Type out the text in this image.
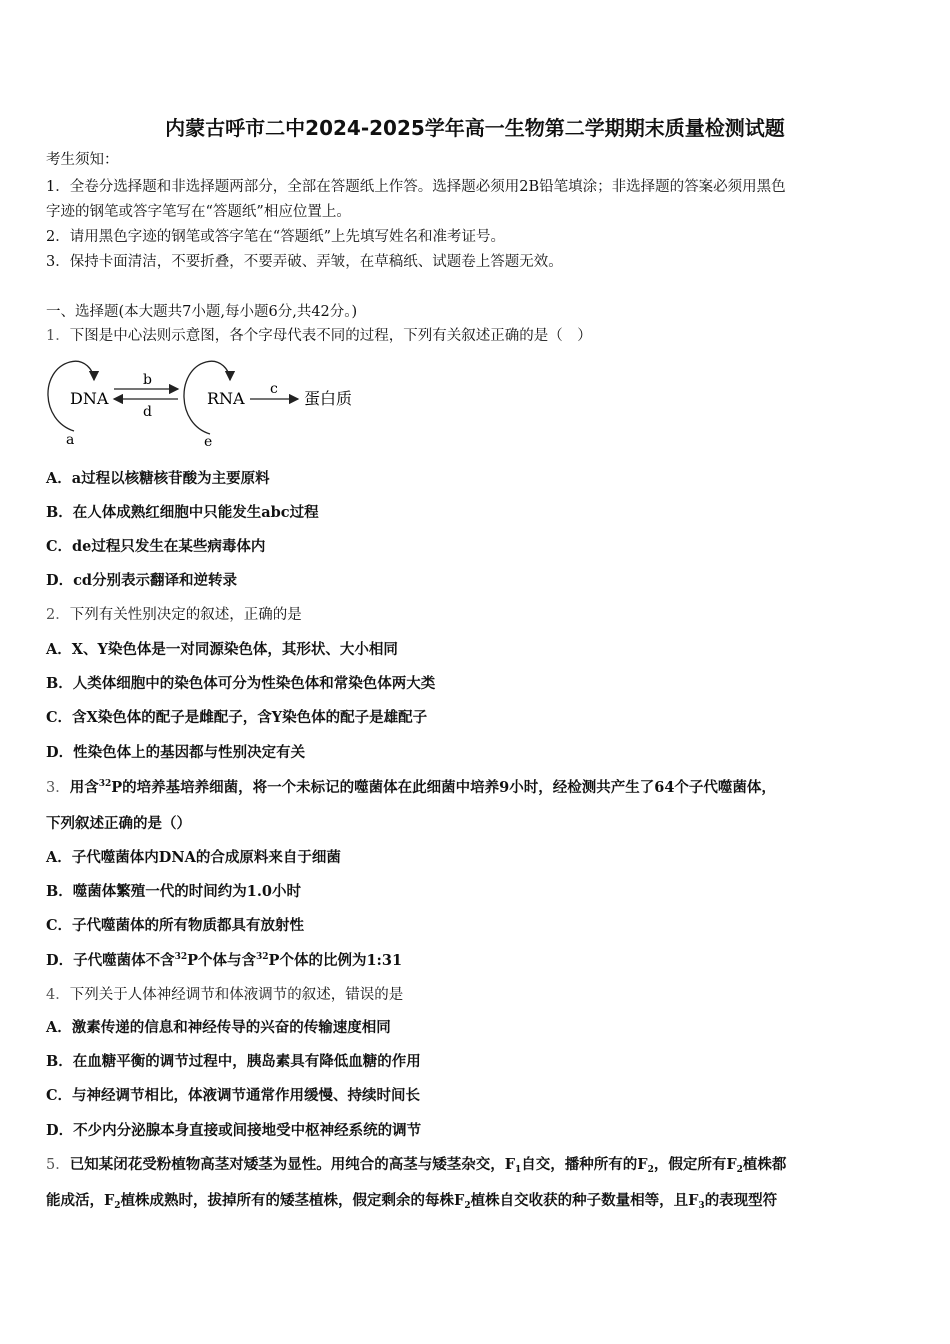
内蒙古呼市二中2024-2025学年高一生物第二学期期末质量检测试题
考生须知：
1．全卷分选择题和非选择题两部分，全部在答题纸上作答。选择题必须用2B铅笔填涂；非选择题的答案必须用黑色
字迹的钢笔或答字笔写在“答题纸”相应位置上。
2．请用黑色字迹的钢笔或答字笔在“答题纸”上先填写姓名和准考证号。
3．保持卡面清洁，不要折叠，不要弄破、弄皱，在草稿纸、试题卷上答题无效。
一、选择题(本大题共7小题,每小题6分,共42分。)
1．下图是中心法则示意图，各个字母代表不同的过程，下列有关叙述正确的是（　）
DNA
a
b
d
RNA
e
c 蛋白质
A．a过程以核糖核苷酸为主要原料
B．在人体成熟红细胞中只能发生abc过程
C．de过程只发生在某些病毒体内
D．cd分别表示翻译和逆转录
2．下列有关性别决定的叙述，正确的是
A．X、Y染色体是一对同源染色体，其形状、大小相同
B．人类体细胞中的染色体可分为性染色体和常染色体两大类
C．含X染色体的配子是雌配子，含Y染色体的配子是雄配子
D．性染色体上的基因都与性别决定有关
3．用含$^{32}$P的培养基培养细菌，将一个未标记的噬菌体在此细菌中培养9小时，经检测共产生了64个子代噬菌体，
下列叙述正确的是（）
A．子代噬菌体内DNA的合成原料来自于细菌
B．噬菌体繁殖一代的时间约为1.0小时
C．子代噬菌体的所有物质都具有放射性
D．子代噬菌体不含$^{32}$P个体与含$^{32}$P个体的比例为1:31
4．下列关于人体神经调节和体液调节的叙述，错误的是
A．激素传递的信息和神经传导的兴奋的传输速度相同
B．在血糖平衡的调节过程中，胰岛素具有降低血糖的作用
C．与神经调节相比，体液调节通常作用缓慢、持续时间长
D．不少内分泌腺本身直接或间接地受中枢神经系统的调节
5．已知某闭花受粉植物高茎对矮茎为显性。用纯合的高茎与矮茎杂交，$F_1$自交，播种所有的$F_2$，假定所有$F_2$植株都
能成活，$F_2$植株成熟时，拔掉所有的矮茎植株，假定剩余的每株$F_2$植株自交收获的种子数量相等，且$F_3$的表现型符
